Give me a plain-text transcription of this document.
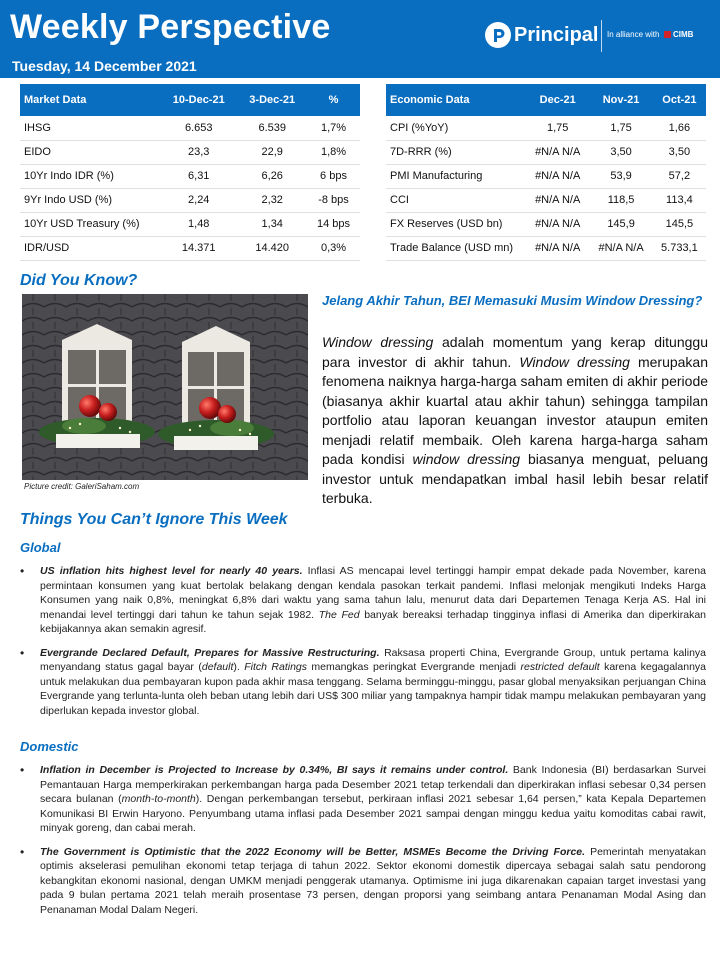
Weekly Perspective
Tuesday, 14 December 2021
Principal In alliance with CIMB
Market Data	10-Dec-21	3-Dec-21	%
IHSG	6.653	6.539	1,7%
EIDO	23,3	22,9	1,8%
10Yr Indo IDR (%)	6,31	6,26	6 bps
9Yr Indo USD (%)	2,24	2,32	-8 bps
10Yr USD Treasury (%)	1,48	1,34	14 bps
IDR/USD	14.371	14.420	0,3%
Economic Data	Dec-21	Nov-21	Oct-21
CPI (%YoY)	1,75	1,75	1,66
7D-RRR (%)	#N/A N/A	3,50	3,50
PMI Manufacturing	#N/A N/A	53,9	57,2
CCI	#N/A N/A	118,5	113,4
FX Reserves (USD bn)	#N/A N/A	145,9	145,5
Trade Balance (USD mn)	#N/A N/A	#N/A N/A	5.733,1
Did You Know?
Picture credit: GaleriSaham.com
Jelang Akhir Tahun, BEI Memasuki Musim Window Dressing?
Window dressing adalah momentum yang kerap ditunggu para investor di akhir tahun. Window dressing merupakan fenomena naiknya harga-harga saham emiten di akhir periode (biasanya akhir kuartal atau akhir tahun) sehingga tampilan portfolio atau laporan keuangan investor ataupun emiten menjadi relatif membaik. Oleh karena harga-harga saham pada kondisi window dressing biasanya menguat, peluang investor untuk mendapatkan imbal hasil lebih besar relatif terbuka.
Things You Can’t Ignore This Week
Global
• US inflation hits highest level for nearly 40 years. Inflasi AS mencapai level tertinggi hampir empat dekade pada November, karena permintaan konsumen yang kuat bertolak belakang dengan kendala pasokan terkait pandemi. Inflasi melonjak mengikuti Indeks Harga Konsumen yang naik 0,8%, meningkat 6,8% dari waktu yang sama tahun lalu, menurut data dari Departemen Tenaga Kerja AS. Hal ini menandai level tertinggi dari tahun ke tahun sejak 1982. The Fed banyak bereaksi terhadap tingginya inflasi di Amerika dan diperkirakan kebijakannya akan semakin agresif.
• Evergrande Declared Default, Prepares for Massive Restructuring. Raksasa properti China, Evergrande Group, untuk pertama kalinya menyandang status gagal bayar (default). Fitch Ratings memangkas peringkat Evergrande menjadi restricted default karena kegagalannya untuk melakukan dua pembayaran kupon pada akhir masa tenggang. Selama berminggu-minggu, pasar global menyaksikan perjuangan China Evergrande yang terlunta-lunta oleh beban utang lebih dari US$ 300 miliar yang tampaknya hampir tidak mampu melakukan pembayaran yang diperlukan kepada investor global.
Domestic
• Inflation in December is Projected to Increase by 0.34%, BI says it remains under control. Bank Indonesia (BI) berdasarkan Survei Pemantauan Harga memperkirakan perkembangan harga pada Desember 2021 tetap terkendali dan diperkirakan inflasi sebesar 0,34 persen secara bulanan (month-to-month). Dengan perkembangan tersebut, perkiraan inflasi 2021 sebesar 1,64 persen,” kata Kepala Departemen Komunikasi BI Erwin Haryono. Penyumbang utama inflasi pada Desember 2021 sampai dengan minggu kedua yaitu komoditas cabai rawit, minyak goreng, dan cabai merah.
• The Government is Optimistic that the 2022 Economy will be Better, MSMEs Become the Driving Force. Pemerintah menyatakan optimis akselerasi pemulihan ekonomi tetap terjaga di tahun 2022. Sektor ekonomi domestik dipercaya sebagai salah satu pendorong kebangkitan ekonomi nasional, dengan UMKM menjadi penggerak utamanya. Optimisme ini juga dikarenakan capaian target investasi yang pada 9 bulan pertama 2021 telah meraih prosentase 73 persen, dengan proporsi yang seimbang antara Penanaman Modal Asing dan Penanaman Modal Dalam Negeri.
